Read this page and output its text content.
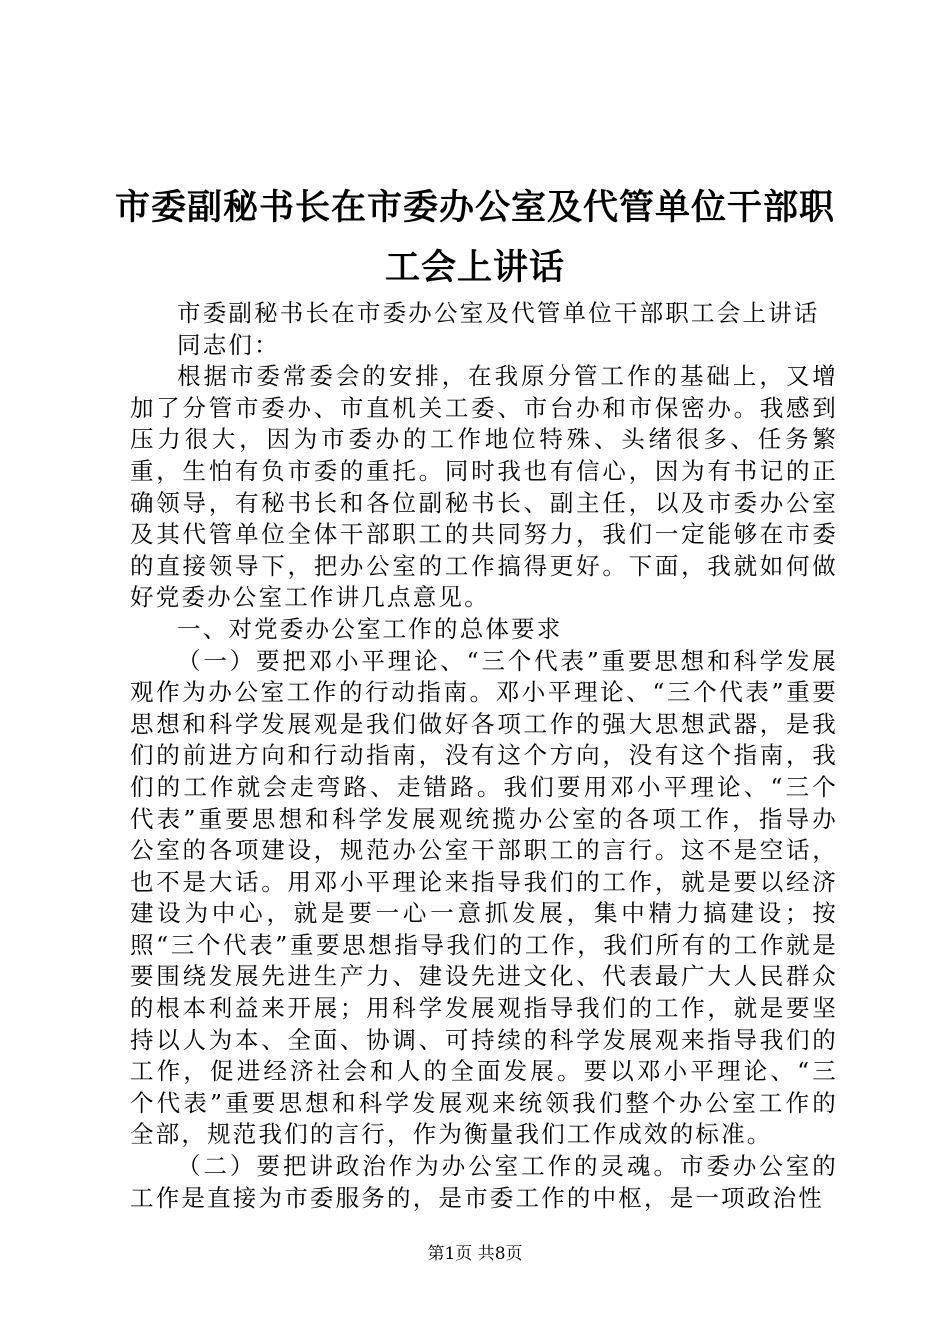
市委副秘书长在市委办公室及代管单位干部职
工会上讲话

市委副秘书长在市委办公室及代管单位干部职工会上讲话

同志们：

根据市委常委会的安排，在我原分管工作的基础上，又增加了分管市委办、市直机关工委、市台办和市保密办。我感到压力很大，因为市委办的工作地位特殊、头绪很多、任务繁重，生怕有负市委的重托。同时我也有信心，因为有书记的正确领导，有秘书长和各位副秘书长、副主任，以及市委办公室及其代管单位全体干部职工的共同努力，我们一定能够在市委的直接领导下，把办公室的工作搞得更好。下面，我就如何做好党委办公室工作讲几点意见。

一、对党委办公室工作的总体要求

（一）要把邓小平理论、“三个代表”重要思想和科学发展观作为办公室工作的行动指南。邓小平理论、“三个代表”重要思想和科学发展观是我们做好各项工作的强大思想武器，是我们的前进方向和行动指南，没有这个方向，没有这个指南，我们的工作就会走弯路、走错路。我们要用邓小平理论、“三个代表”重要思想和科学发展观统揽办公室的各项工作，指导办公室的各项建设，规范办公室干部职工的言行。这不是空话，也不是大话。用邓小平理论来指导我们的工作，就是要以经济建设为中心，就是要一心一意抓发展，集中精力搞建设；按照“三个代表”重要思想指导我们的工作，我们所有的工作就是要围绕发展先进生产力、建设先进文化、代表最广大人民群众的根本利益来开展；用科学发展观指导我们的工作，就是要坚持以人为本、全面、协调、可持续的科学发展观来指导我们的工作，促进经济社会和人的全面发展。要以邓小平理论、“三个代表”重要思想和科学发展观来统领我们整个办公室工作的全部，规范我们的言行，作为衡量我们工作成效的标准。

（二）要把讲政治作为办公室工作的灵魂。市委办公室的工作是直接为市委服务的，是市委工作的中枢，是一项政治性

第1页 共8页
